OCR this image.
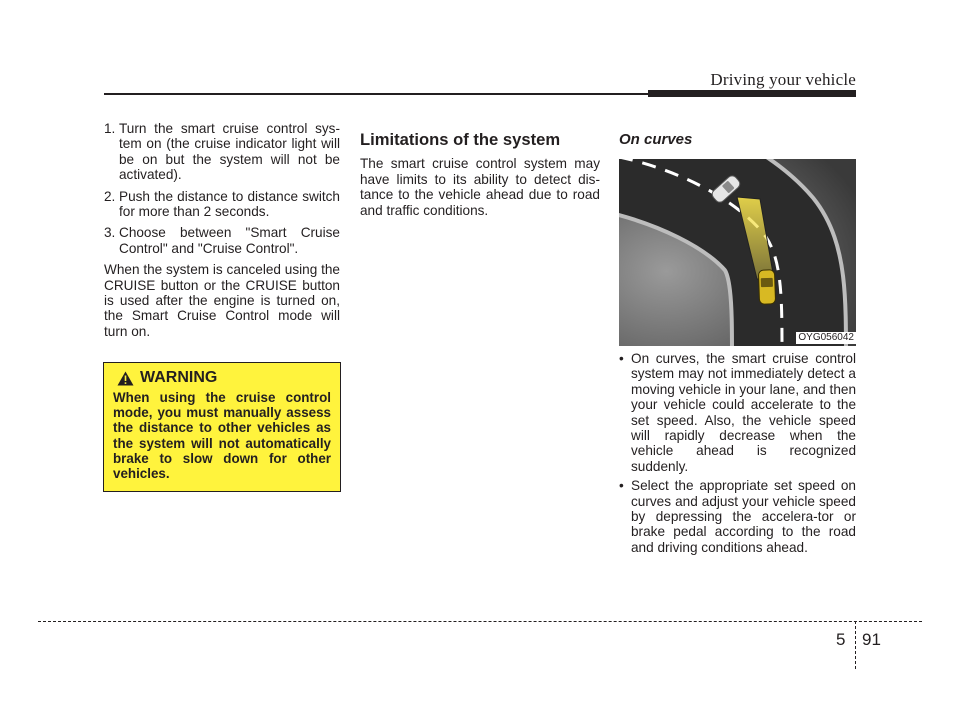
Driving your vehicle
1. Turn the smart cruise control sys-tem on (the cruise indicator light will be on but the system will not be activated).
2. Push the distance to distance switch for more than 2 seconds.
3. Choose between "Smart Cruise Control" and "Cruise Control".

When the system is canceled using the CRUISE button or the CRUISE button is used after the engine is turned on, the Smart Cruise Control mode will turn on.

WARNING
When using the cruise control mode, you must manually assess the distance to other vehicles as the system will not automatically brake to slow down for other vehicles.
Limitations of the system

The smart cruise control system may have limits to its ability to detect dis-tance to the vehicle ahead due to road and traffic conditions.

On curves
OYG056042
• On curves, the smart cruise control system may not immediately detect a moving vehicle in your lane, and then your vehicle could accelerate to the set speed. Also, the vehicle speed will rapidly decrease when the vehicle ahead is recognized suddenly.
• Select the appropriate set speed on curves and adjust your vehicle speed by depressing the accelera-tor or brake pedal according to the road and driving conditions ahead.
5 91
